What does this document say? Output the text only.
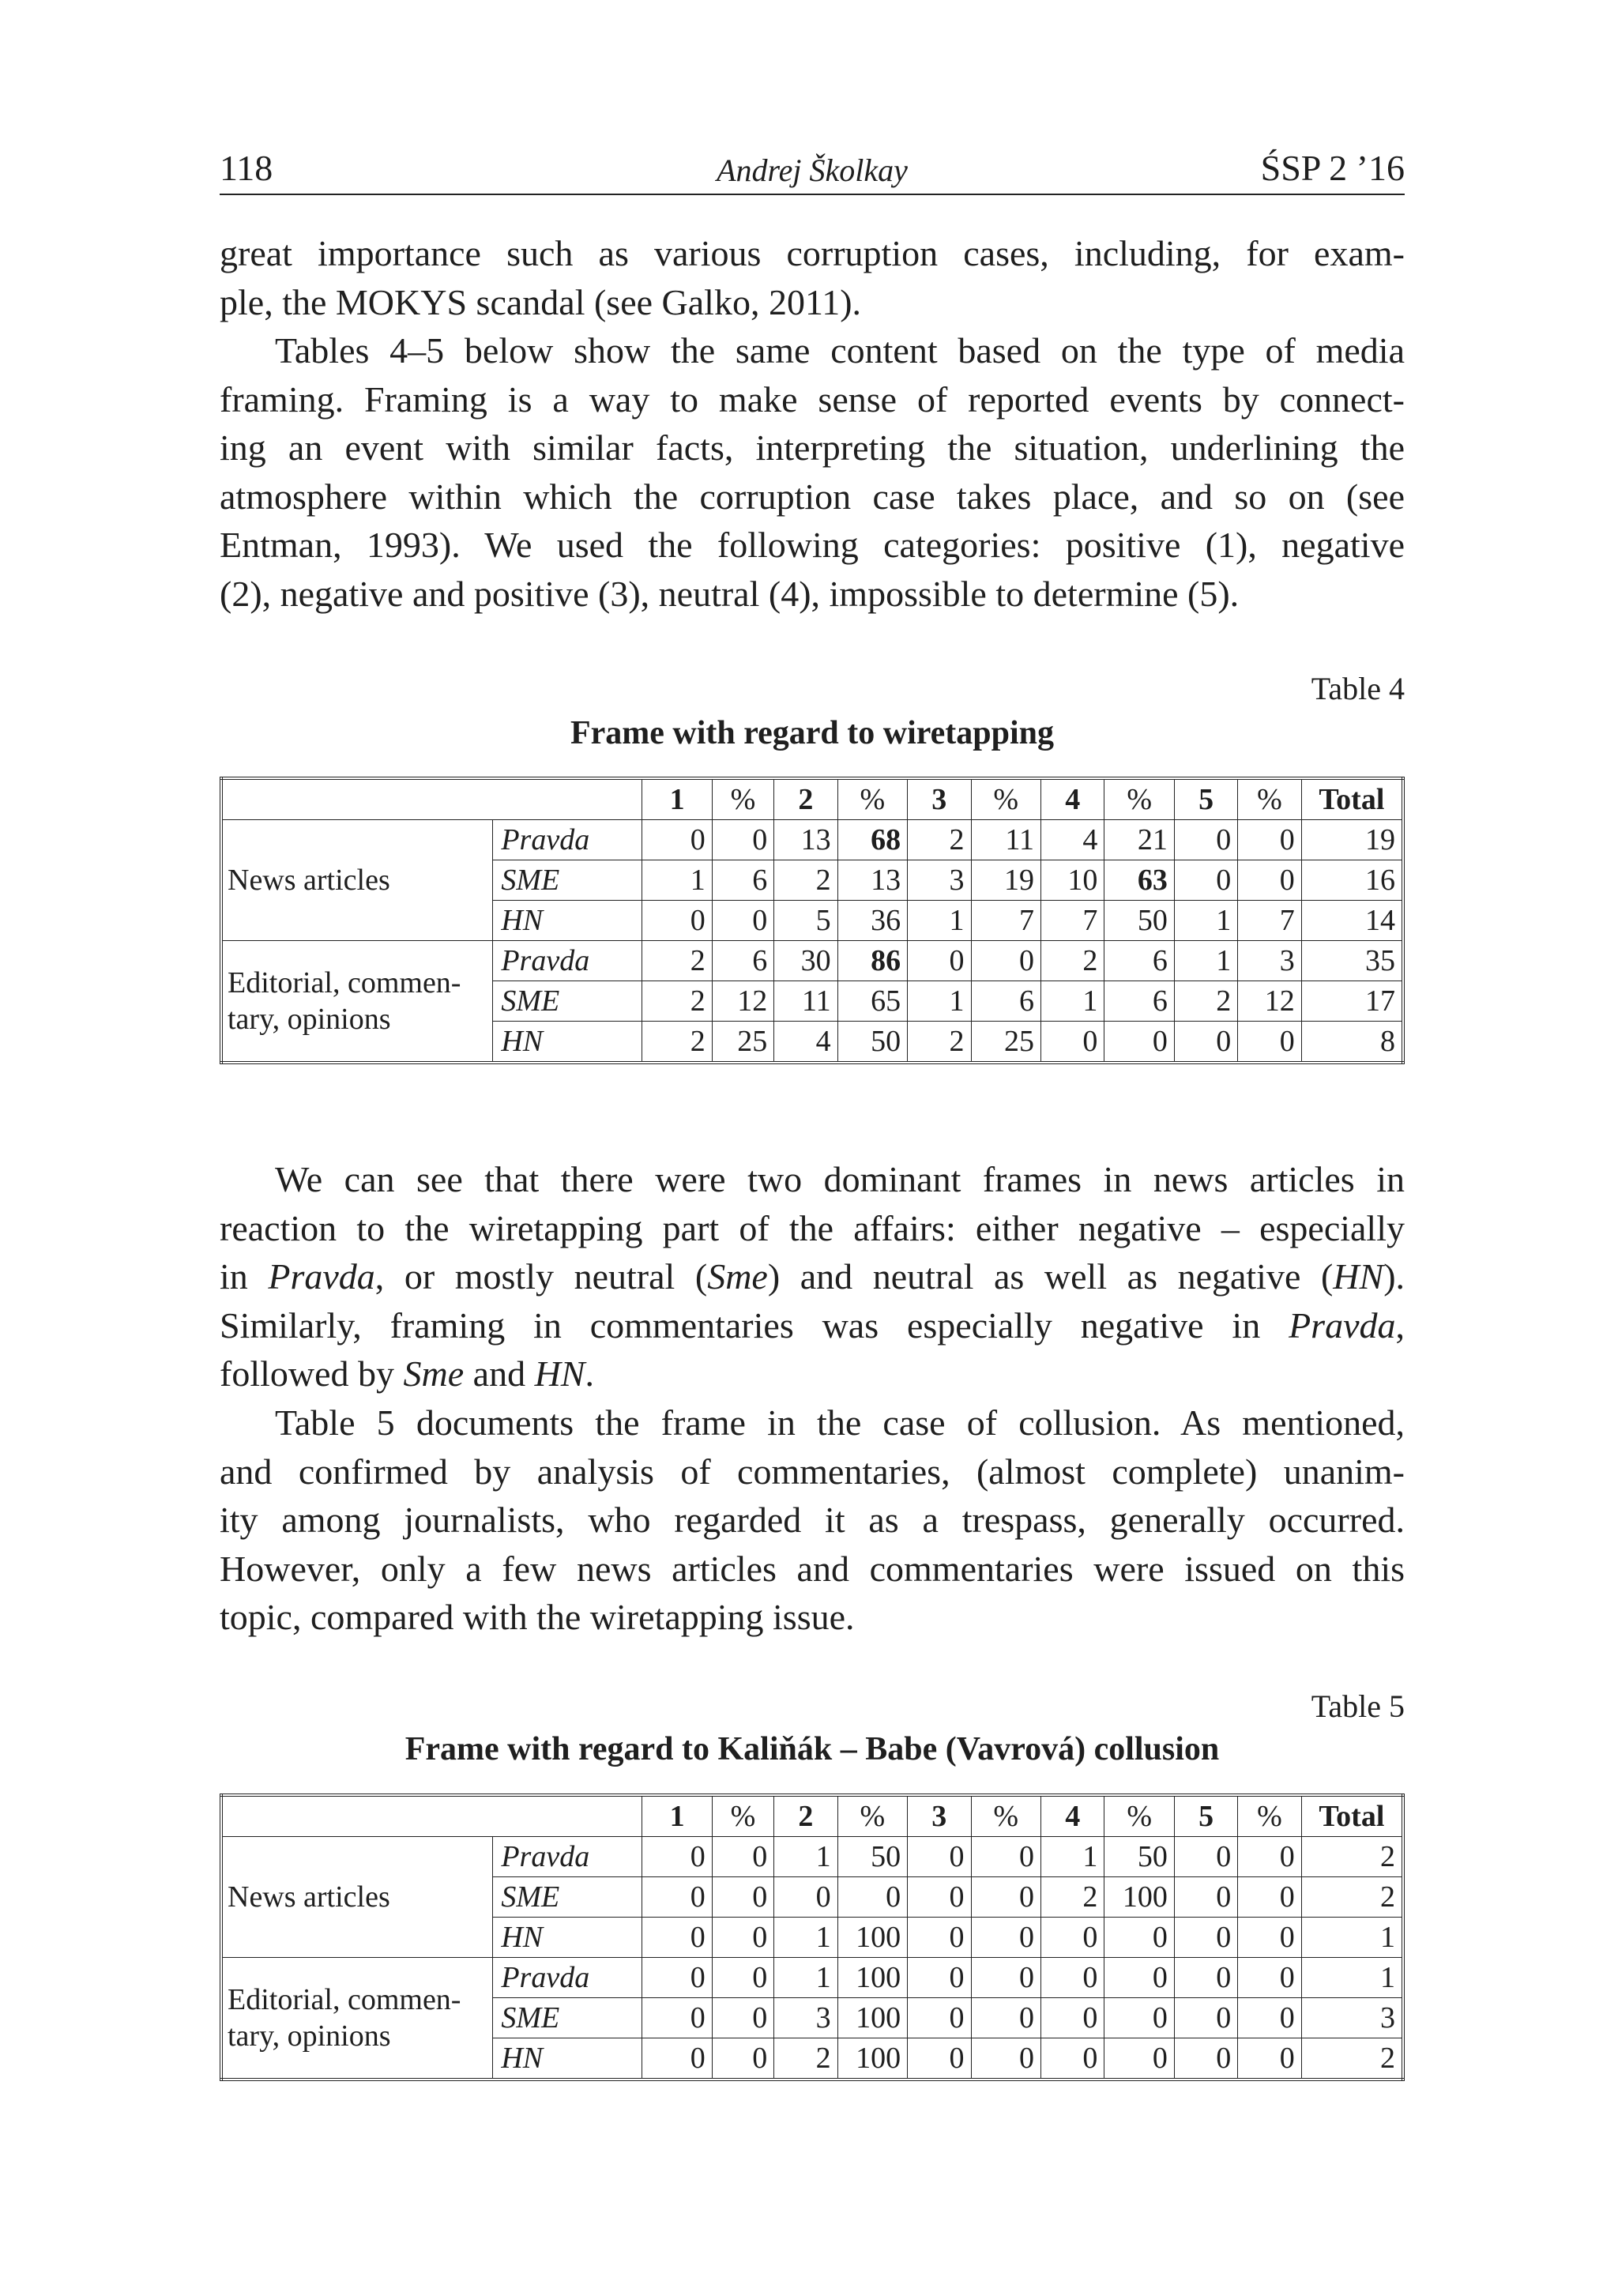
118	Andrej Školkay	ŚSP 2 ’16
great importance such as various corruption cases, including, for exam-
ple, the MOKYS scandal (see Galko, 2011).
Tables 4–5 below show the same content based on the type of media
framing. Framing is a way to make sense of reported events by connect-
ing an event with similar facts, interpreting the situation, underlining the
atmosphere within which the corruption case takes place, and so on (see
Entman, 1993). We used the following categories: positive (1), negative
(2), negative and positive (3), neutral (4), impossible to determine (5).
Table 4
Frame with regard to wiretapping
		1	%	2	%	3	%	4	%	5	%	Total
News articles	Pravda	0	0	13	68	2	11	4	21	0	0	19
	SME	1	6	2	13	3	19	10	63	0	0	16
	HN	0	0	5	36	1	7	7	50	1	7	14
Editorial, commen-tary, opinions	Pravda	2	6	30	86	0	0	2	6	1	3	35
	SME	2	12	11	65	1	6	1	6	2	12	17
	HN	2	25	4	50	2	25	0	0	0	0	8
We can see that there were two dominant frames in news articles in
reaction to the wiretapping part of the affairs: either negative – especially
in Pravda, or mostly neutral (Sme) and neutral as well as negative (HN).
Similarly, framing in commentaries was especially negative in Pravda,
followed by Sme and HN.
Table 5 documents the frame in the case of collusion. As mentioned,
and confirmed by analysis of commentaries, (almost complete) unanim-
ity among journalists, who regarded it as a trespass, generally occurred.
However, only a few news articles and commentaries were issued on this
topic, compared with the wiretapping issue.
Table 5
Frame with regard to Kaliňák – Babe (Vavrová) collusion
		1	%	2	%	3	%	4	%	5	%	Total
News articles	Pravda	0	0	1	50	0	0	1	50	0	0	2
	SME	0	0	0	0	0	0	2	100	0	0	2
	HN	0	0	1	100	0	0	0	0	0	0	1
Editorial, commen-tary, opinions	Pravda	0	0	1	100	0	0	0	0	0	0	1
	SME	0	0	3	100	0	0	0	0	0	0	3
	HN	0	0	2	100	0	0	0	0	0	0	2
